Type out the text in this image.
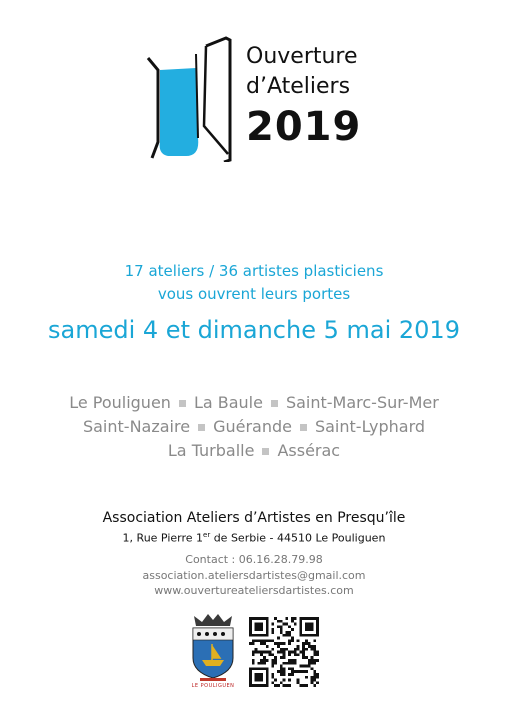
Ouverture
d’Ateliers
2019
17 ateliers / 36 artistes plasticiens
vous ouvrent leurs portes
samedi 4 et dimanche 5 mai 2019
Le Pouliguen La Baule Saint-Marc-Sur-Mer
Saint-Nazaire Guérande Saint-Lyphard
La Turballe Assérac
Association Ateliers d’Artistes en Presqu’île
1, Rue Pierre 1er de Serbie - 44510 Le Pouliguen
Contact : 06.16.28.79.98
association.ateliersdartistes@gmail.com
www.ouvertureateliersdartistes.com
LE POULIGUEN
